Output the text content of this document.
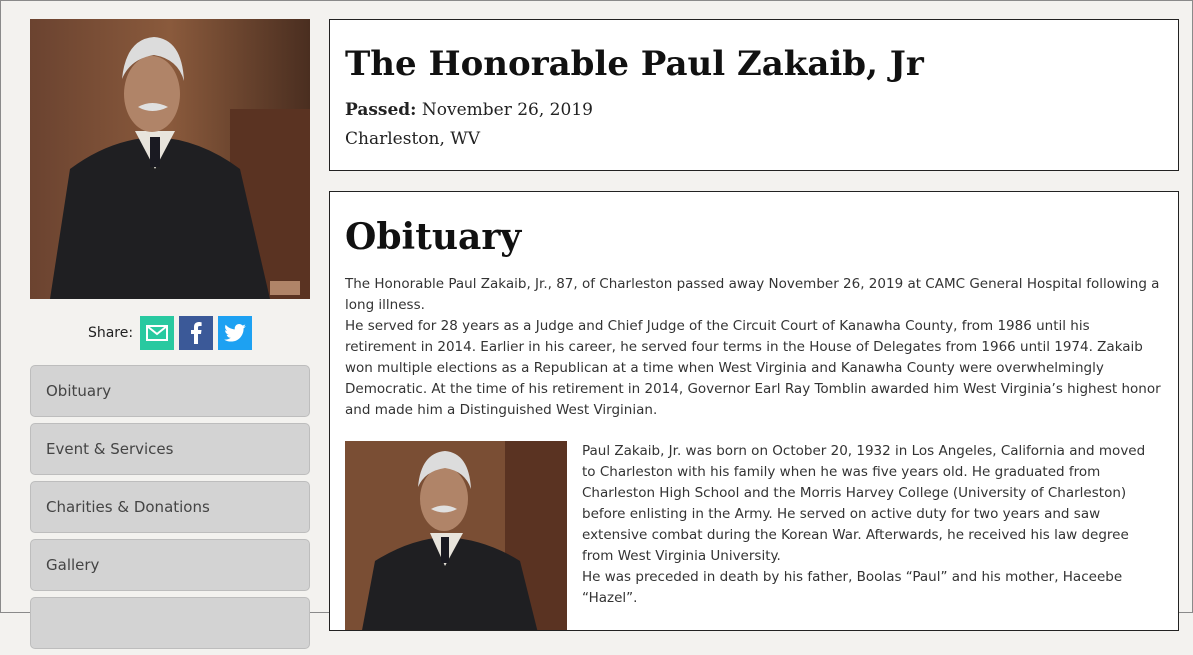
Share:
Obituary
Event & Services
Charities & Donations
Gallery
The Honorable Paul Zakaib, Jr
Passed: November 26, 2019
Charleston, WV
Obituary

The Honorable Paul Zakaib, Jr., 87, of Charleston passed away November 26, 2019 at CAMC General Hospital following a long illness.

He served for 28 years as a Judge and Chief Judge of the Circuit Court of Kanawha County, from 1986 until his retirement in 2014. Earlier in his career, he served four terms in the House of Delegates from 1966 until 1974. Zakaib won multiple elections as a Republican at a time when West Virginia and Kanawha County were overwhelmingly Democratic. At the time of his retirement in 2014, Governor Earl Ray Tomblin awarded him West Virginia’s highest honor and made him a Distinguished West Virginian.

Paul Zakaib, Jr. was born on October 20, 1932 in Los Angeles, California and moved to Charleston with his family when he was five years old. He graduated from Charleston High School and the Morris Harvey College (University of Charleston) before enlisting in the Army. He served on active duty for two years and saw extensive combat during the Korean War. Afterwards, he received his law degree from West Virginia University.

He was preceded in death by his father, Boolas “Paul” and his mother, Haceebe “Hazel”.
